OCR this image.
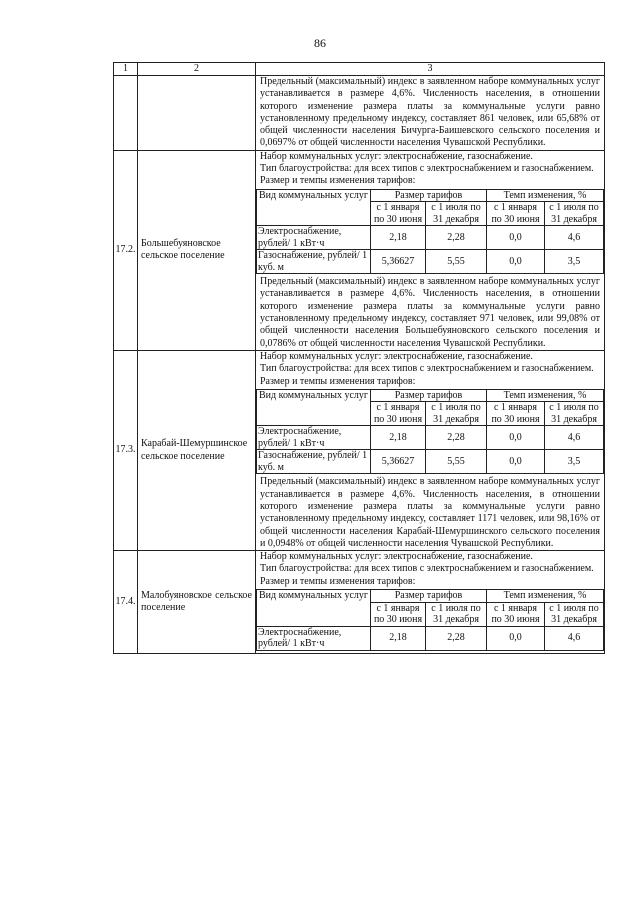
86
1	2	3

Предельный (максимальный) индекс в заявленном наборе коммунальных услуг устанавливается в размере 4,6%. Численность населения, в отношении которого изменение размера платы за коммунальные услуги равно установленному предельному индексу, составляет 861 человек, или 65,68% от общей численности населения Бичурга-Баишевского сельского поселения и 0,0697% от общей численности населения Чувашской Республики.

17.2.	Большебуяновское сельское поселение	
Набор коммунальных услуг: электроснабжение, газоснабжение.
Тип благоустройства: для всех типов с электроснабжением и газоснабжением.
Размер и темпы изменения тарифов:
Вид коммунальных услуг	Размер тарифов	Темп изменения, %
с 1 января по 30 июня	с 1 июля по 31 декабря	с 1 января по 30 июня	с 1 июля по 31 декабря
Электроснабжение, рублей/ 1 кВт·ч	2,18	2,28	0,0	4,6
Газоснабжение, рублей/ 1 куб. м	5,36627	5,55	0,0	3,5
Предельный (максимальный) индекс в заявленном наборе коммунальных услуг устанавливается в размере 4,6%. Численность населения, в отношении которого изменение размера платы за коммунальные услуги равно установленному предельному индексу, составляет 971 человек, или 99,08% от общей численности населения Большебуяновского сельского поселения и 0,0786% от общей численности населения Чувашской Республики.

17.3.	Карабай-Шемуршинское сельское поселение	
Набор коммунальных услуг: электроснабжение, газоснабжение.
Тип благоустройства: для всех типов с электроснабжением и газоснабжением.
Размер и темпы изменения тарифов:
Вид коммунальных услуг	Размер тарифов	Темп изменения, %
с 1 января по 30 июня	с 1 июля по 31 декабря	с 1 января по 30 июня	с 1 июля по 31 декабря
Электроснабжение, рублей/ 1 кВт·ч	2,18	2,28	0,0	4,6
Газоснабжение, рублей/ 1 куб. м	5,36627	5,55	0,0	3,5
Предельный (максимальный) индекс в заявленном наборе коммунальных услуг устанавливается в размере 4,6%. Численность населения, в отношении которого изменение размера платы за коммунальные услуги равно установленному предельному индексу, составляет 1171 человек, или 98,16% от общей численности населения Карабай-Шемуршинского сельского поселения и 0,0948% от общей численности населения Чувашской Республики.

17.4.	Малобуяновское сельское поселение	
Набор коммунальных услуг: электроснабжение, газоснабжение.
Тип благоустройства: для всех типов с электроснабжением и газоснабжением.
Размер и темпы изменения тарифов:
Вид коммунальных услуг	Размер тарифов	Темп изменения, %
с 1 января по 30 июня	с 1 июля по 31 декабря	с 1 января по 30 июня	с 1 июля по 31 декабря
Электроснабжение, рублей/ 1 кВт·ч	2,18	2,28	0,0	4,6
